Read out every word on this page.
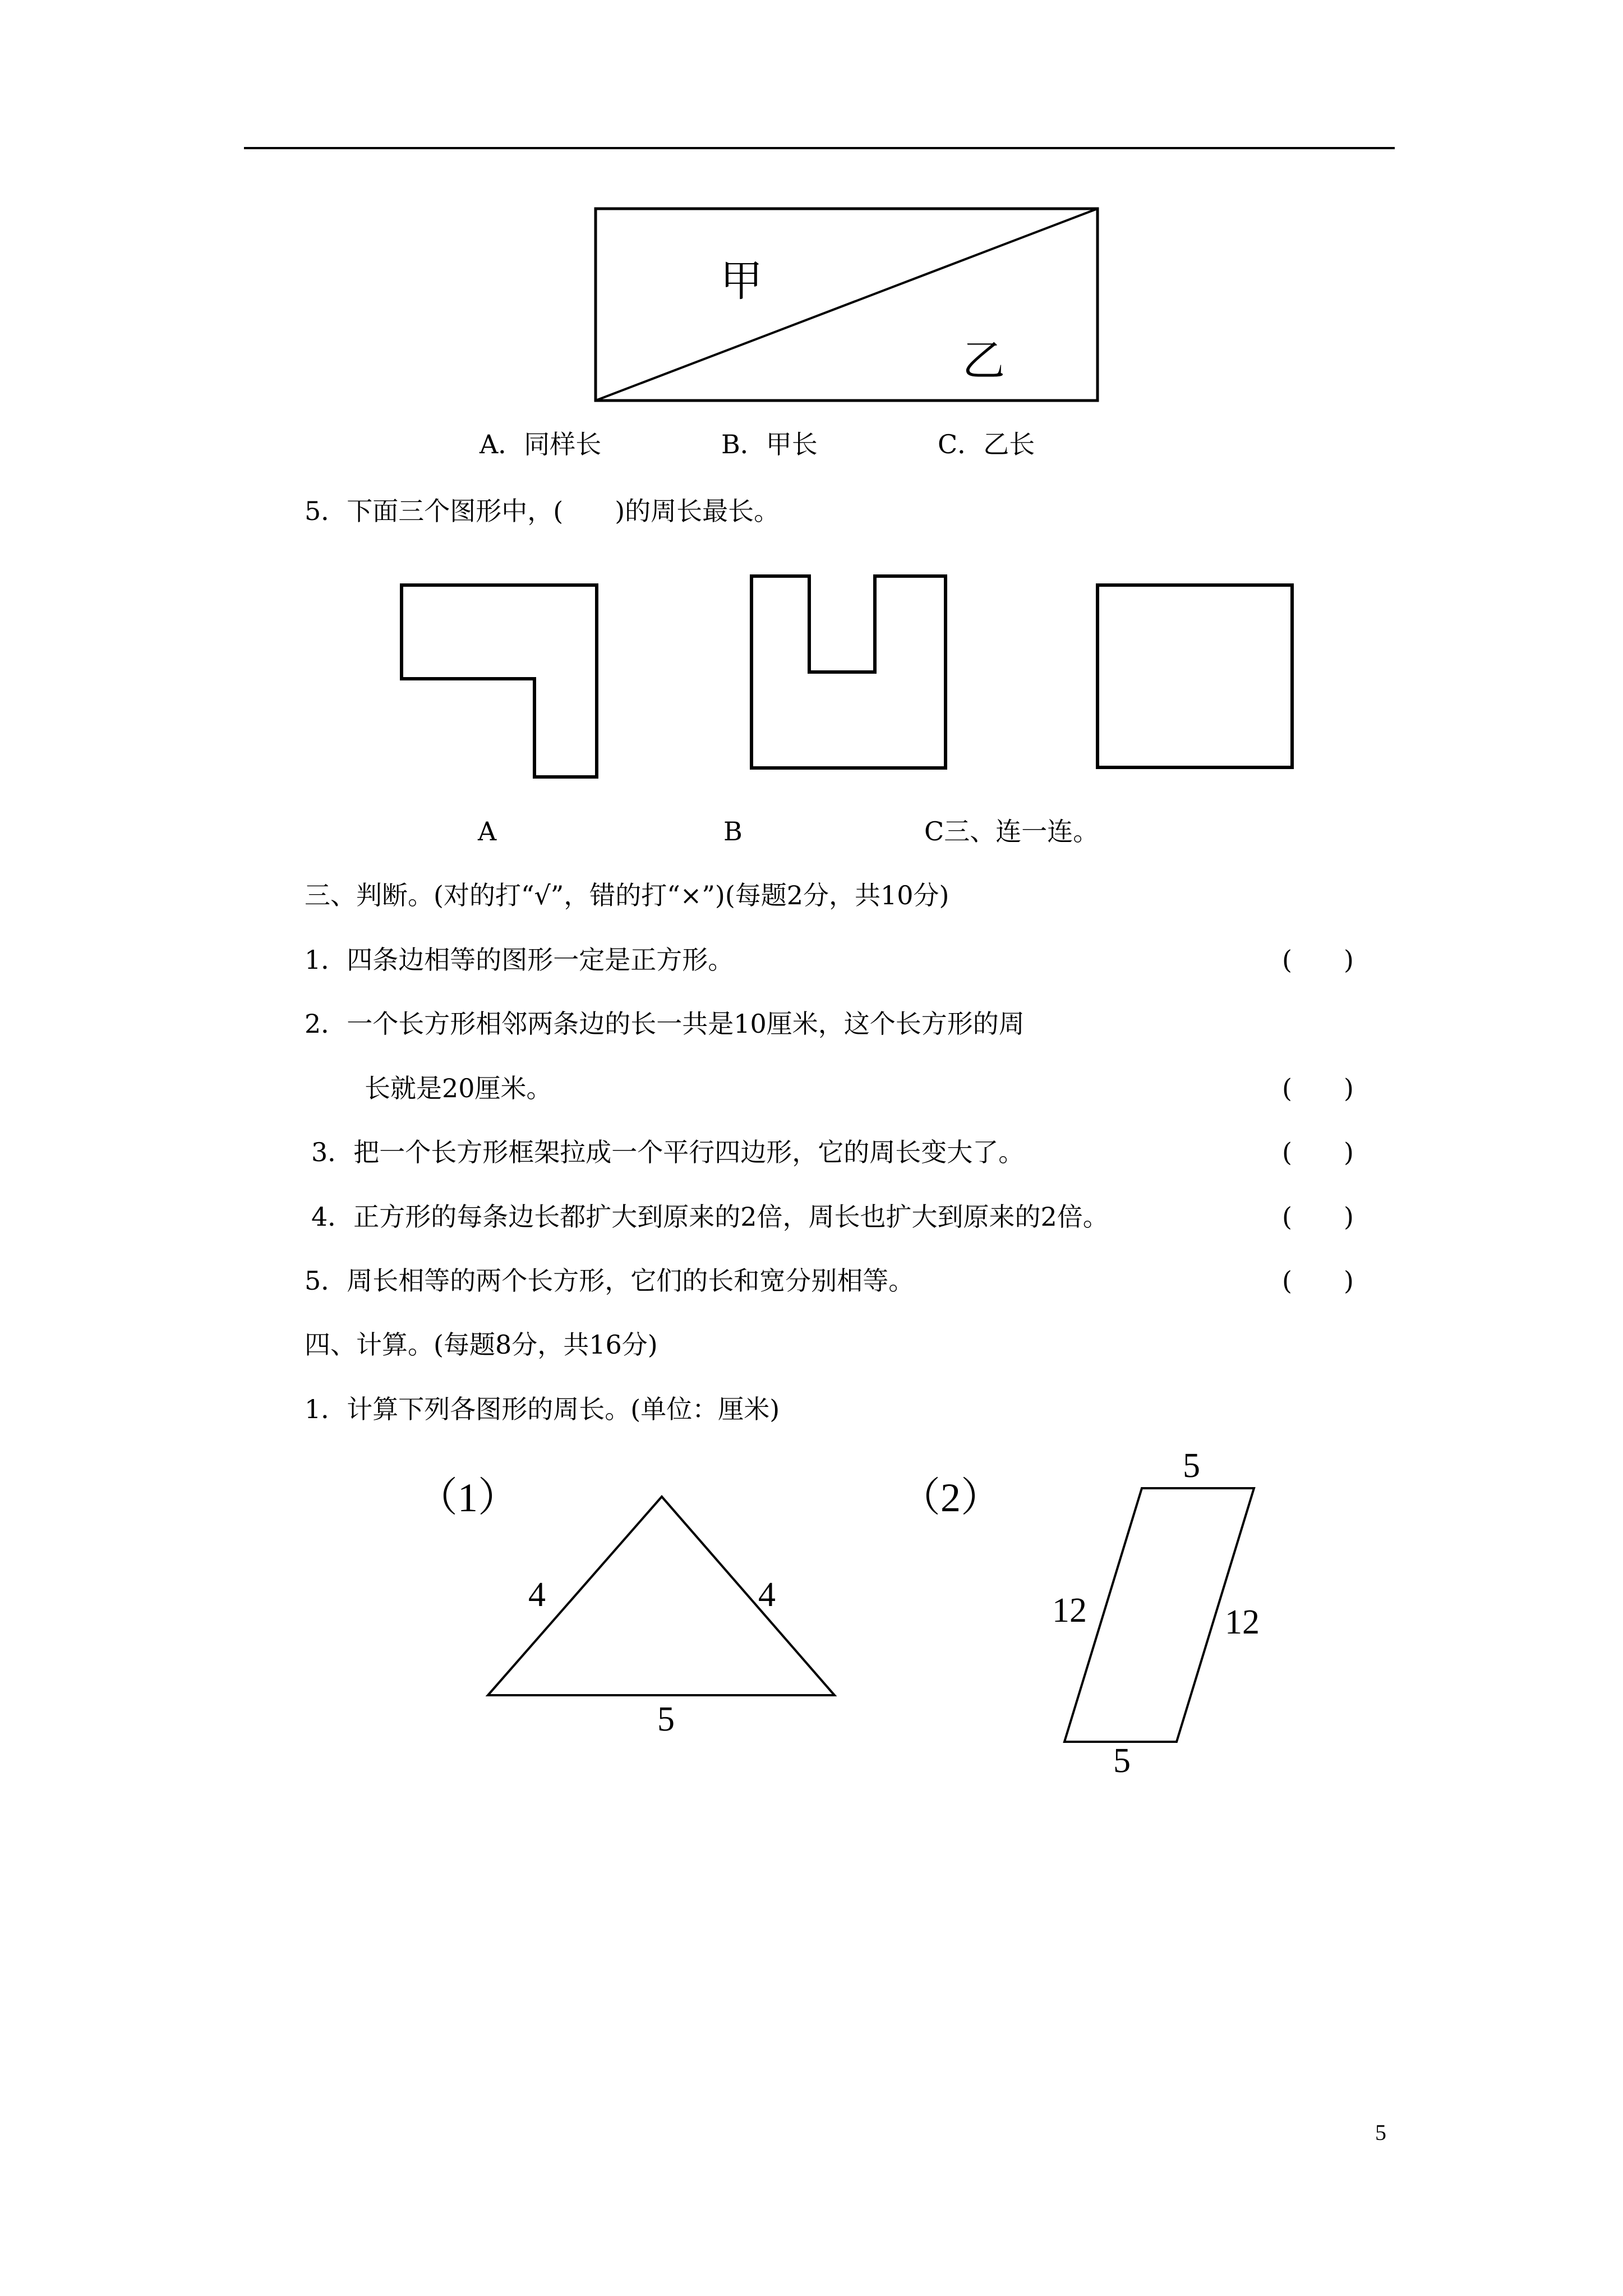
甲
乙
A．同样长	B．甲长	C．乙长
5．下面三个图形中，(　　)的周长最长。
A	B	C三、连一连。
三、判断。(对的打“√”，错的打“×”)(每题2分，共10分)
1．四条边相等的图形一定是正方形。	(　　)
2．一个长方形相邻两条边的长一共是10厘米，这个长方形的周
长就是20厘米。	(　　)
3．把一个长方形框架拉成一个平行四边形，它的周长变大了。	(　　)
4．正方形的每条边长都扩大到原来的2倍，周长也扩大到原来的2倍。	(　　)
5．周长相等的两个长方形，它们的长和宽分别相等。	(　　)
四、计算。(每题8分，共16分)
1．计算下列各图形的周长。(单位：厘米)
（1）
4	4
5
（2）
5
12	12
5
5
